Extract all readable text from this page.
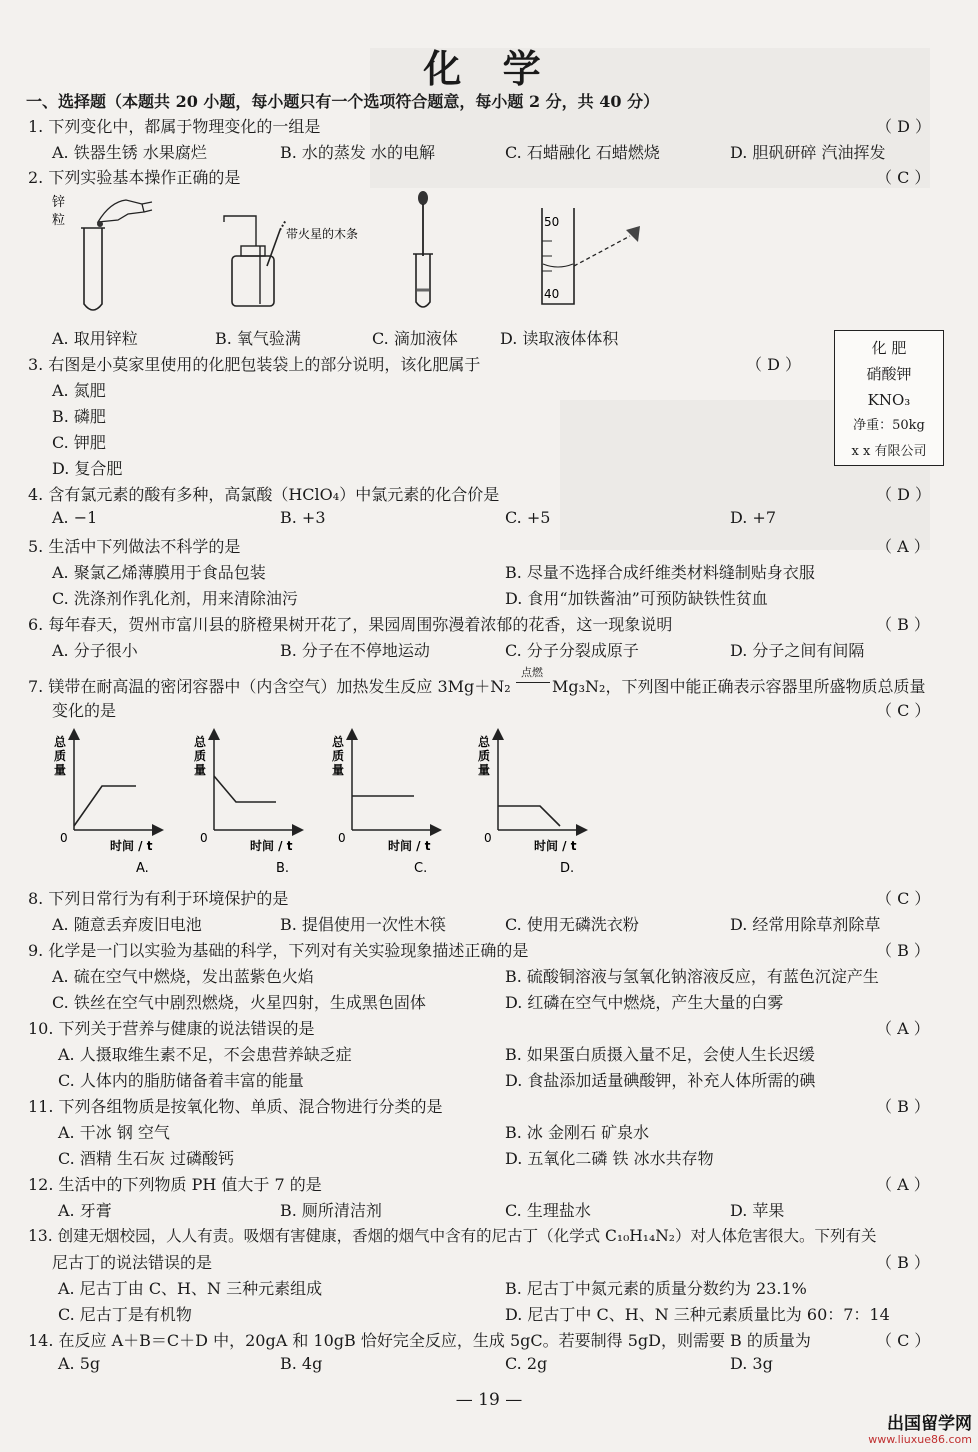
化 学
一、选择题（本题共 20 小题，每小题只有一个选项符合题意，每小题 2 分，共 40 分）
1. 下列变化中，都属于物理变化的一组是	（ D ）
A. 铁器生锈 水果腐烂	B. 水的蒸发 水的电解	C. 石蜡融化 石蜡燃烧	D. 胆矾研碎 汽油挥发
2. 下列实验基本操作正确的是	（ C ）
锌
粒
带火星的木条
50
40
A. 取用锌粒	B. 氧气验满	C. 滴加液体	D. 读取液体体积	化 肥
硝酸钾
KNO₃
净重：50kg
x x 有限公司
3. 右图是小莫家里使用的化肥包装袋上的部分说明，该化肥属于	（ D ）
A. 氮肥
B. 磷肥
C. 钾肥
D. 复合肥
4. 含有氯元素的酸有多种，高氯酸（HClO₄）中氯元素的化合价是	（ D ）
A. −1	B. +3	C. +5	D. +7
5. 生活中下列做法不科学的是	（ A ）
A. 聚氯乙烯薄膜用于食品包装	B. 尽量不选择合成纤维类材料缝制贴身衣服
C. 洗涤剂作乳化剂，用来清除油污	D. 食用“加铁酱油”可预防缺铁性贫血
6. 每年春天，贺州市富川县的脐橙果树开花了，果园周围弥漫着浓郁的花香，这一现象说明	（ B ）
A. 分子很小	B. 分子在不停地运动	C. 分子分裂成原子	D. 分子之间有间隔
7. 镁带在耐高温的密闭容器中（内含空气）加热发生反应 3Mg＋N₂
点燃
Mg₃N₂，下列图中能正确表示容器里所盛物质总质量
变化的是	（ C ）
总
质
量
0
时间 / t
A.
总
质
量
0
时间 / t
B.
总
质
量
0
时间 / t
C.
总
质
量
0
时间 / t
D.
8. 下列日常行为有利于环境保护的是	（ C ）
A. 随意丢弃废旧电池	B. 提倡使用一次性木筷	C. 使用无磷洗衣粉	D. 经常用除草剂除草
9. 化学是一门以实验为基础的科学，下列对有关实验现象描述正确的是	（ B ）
A. 硫在空气中燃烧，发出蓝紫色火焰	B. 硫酸铜溶液与氢氧化钠溶液反应，有蓝色沉淀产生
C. 铁丝在空气中剧烈燃烧，火星四射，生成黑色固体	D. 红磷在空气中燃烧，产生大量的白雾
10. 下列关于营养与健康的说法错误的是	（ A ）
A. 人摄取维生素不足，不会患营养缺乏症	B. 如果蛋白质摄入量不足，会使人生长迟缓
C. 人体内的脂肪储备着丰富的能量	D. 食盐添加适量碘酸钾，补充人体所需的碘
11. 下列各组物质是按氧化物、单质、混合物进行分类的是	（ B ）
A. 干冰 钢 空气	B. 冰 金刚石 矿泉水
C. 酒精 生石灰 过磷酸钙	D. 五氧化二磷 铁 冰水共存物
12. 生活中的下列物质 PH 值大于 7 的是	（ A ）
A. 牙膏	B. 厕所清洁剂	C. 生理盐水	D. 苹果
13. 创建无烟校园，人人有责。吸烟有害健康，香烟的烟气中含有的尼古丁（化学式 C₁₀H₁₄N₂）对人体危害很大。下列有关
尼古丁的说法错误的是	（ B ）
A. 尼古丁由 C、H、N 三种元素组成	B. 尼古丁中氮元素的质量分数约为 23.1%
C. 尼古丁是有机物	D. 尼古丁中 C、H、N 三种元素质量比为 60：7：14
14. 在反应 A＋B＝C＋D 中，20gA 和 10gB 恰好完全反应，生成 5gC。若要制得 5gD，则需要 B 的质量为	（ C ）
A. 5g	B. 4g	C. 2g	D. 3g
— 19 —
出国留学网
www.liuxue86.com
